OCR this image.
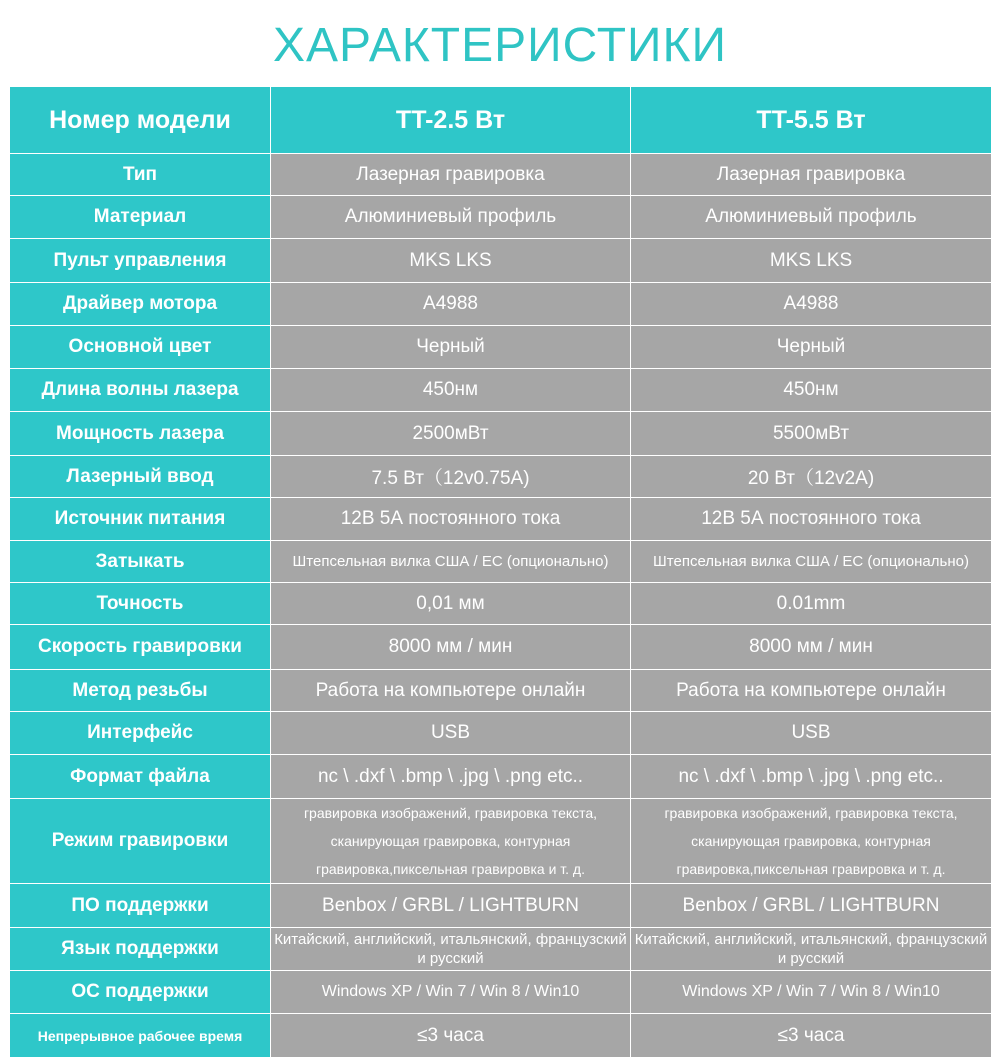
ХАРАКТЕРИСТИКИ
Номер модели	TT-2.5 Вт	TT-5.5 Вт
Тип	Лазерная гравировка	Лазерная гравировка
Материал	Алюминиевый профиль	Алюминиевый профиль
Пульт управления	MKS LKS	MKS LKS
Драйвер мотора	A4988	A4988
Основной цвет	Черный	Черный
Длина волны лазера	450нм	450нм
Мощность лазера	2500мВт	5500мВт
Лазерный ввод	7.5 Вт（12v0.75A)	20 Вт（12v2A)
Источник питания	12В 5А постоянного тока	12В 5А постоянного тока
Затыкать	Штепсельная вилка США / ЕС (опционально)	Штепсельная вилка США / ЕС (опционально)
Точность	0,01 мм	0.01mm
Скорость гравировки	8000 мм / мин	8000 мм / мин
Метод резьбы	Работа на компьютере онлайн	Работа на компьютере онлайн
Интерфейс	USB	USB
Формат файла	nc \ .dxf \ .bmp \ .jpg \ .png etc..	nc \ .dxf \ .bmp \ .jpg \ .png etc..
Режим гравировки	гравировка изображений, гравировка текста, сканирующая гравировка, контурная гравировка,пиксельная гравировка и т. д.	гравировка изображений, гравировка текста, сканирующая гравировка, контурная гравировка,пиксельная гравировка и т. д.
ПО поддержки	Benbox / GRBL / LIGHTBURN	Benbox / GRBL / LIGHTBURN
Язык поддержки	Китайский, английский, итальянский, французский и русский	Китайский, английский, итальянский, французский и русский
ОС поддержки	Windows XP / Win 7 / Win 8 / Win10	Windows XP / Win 7 / Win 8 / Win10
Непрерывное рабочее время	≤3 часа	≤3 часа
